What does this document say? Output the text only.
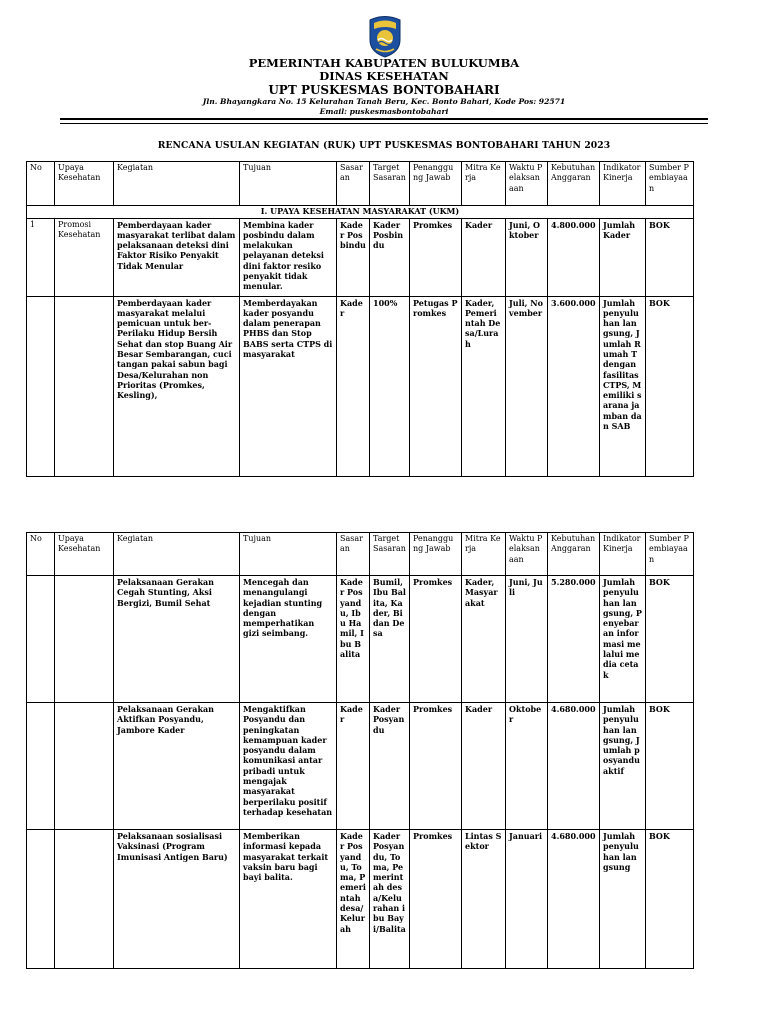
PEMERINTAH KABUPATEN BULUKUMBA
DINAS KESEHATAN
UPT PUSKESMAS BONTOBAHARI
Jln. Bhayangkara No. 15 Kelurahan Tanah Beru, Kec. Bonto Bahari, Kode Pos: 92571
Email: puskesmasbontobahari
RENCANA USULAN KEGIATAN (RUK) UPT PUSKESMAS BONTOBAHARI TAHUN 2023
No	Upaya Kesehatan	Kegiatan	Tujuan	Sasaran	Target Sasaran	Penanggung Jawab	Mitra Kerja	Waktu Pelaksanaan	Kebutuhan Anggaran	Indikator Kinerja	Sumber Pembiayaan
I. UPAYA KESEHATAN MASYARAKAT (UKM)											
1	Promosi Kesehatan	Pemberdayaan kader masyarakat terlibat dalam pelaksanaan deteksi dini Faktor Risiko Penyakit Tidak Menular	Membina kader posbindu dalam melakukan pelayanan deteksi dini faktor resiko penyakit tidak menular.	Kader Posbindu	Kader Posbindu	Promkes	Kader	Juni, Oktober	4.800.000	Jumlah Kader	BOK
		Pemberdayaan kader masyarakat melalui pemicuan untuk ber-Perilaku Hidup Bersih Sehat dan stop Buang Air Besar Sembarangan, cuci tangan pakai sabun bagi Desa/Kelurahan non Prioritas (Promkes, Kesling),	Memberdayakan kader posyandu dalam penerapan PHBS dan Stop BABS serta CTPS di masyarakat	Kader	100%	Petugas Promkes	Kader, Pemerintah Desa/Lurah	Juli, November	3.600.000	Jumlah penyuluhan langsung, Jumlah Rumah T dengan fasilitas CTPS, Memiliki sarana jamban dan SAB	BOK
No	Upaya Kesehatan	Kegiatan	Tujuan	Sasaran	Target Sasaran	Penanggung Jawab	Mitra Kerja	Waktu Pelaksanaan	Kebutuhan Anggaran	Indikator Kinerja	Sumber Pembiayaan
		Pelaksanaan Gerakan Cegah Stunting, Aksi Bergizi, Bumil Sehat	Mencegah dan menangulangi kejadian stunting dengan memperhatikan gizi seimbang.	Kader Posyandu, Ibu Hamil, Ibu Balita	Bumil, Ibu Balita, Kader, Bidan Desa	Promkes	Kader, Masyarakat	Juni, Juli	5.280.000	Jumlah penyuluhan langsung, Penyebaran informasi melalui media cetak	BOK
		Pelaksanaan Gerakan Aktifkan Posyandu, Jambore Kader	Mengaktifkan Posyandu dan peningkatan kemampuan kader posyandu dalam komunikasi antar pribadi untuk mengajak masyarakat berperilaku positif terhadap kesehatan	Kader	Kader Posyandu	Promkes	Kader	Oktober	4.680.000	Jumlah penyuluhan langsung, Jumlah posyandu aktif	BOK
		Pelaksanaan sosialisasi Vaksinasi (Program Imunisasi Antigen Baru)	Memberikan informasi kepada masyarakat terkait vaksin baru bagi bayi balita.	Kader Posyandu, Toma, Pemerintah desa/Kelurah	Kader Posyandu, Toma, Pemerintah desa/Kelurahan ibu Bayi/Balita	Promkes	Lintas Sektor	Januari	4.680.000	Jumlah penyuluhan langsung	BOK
